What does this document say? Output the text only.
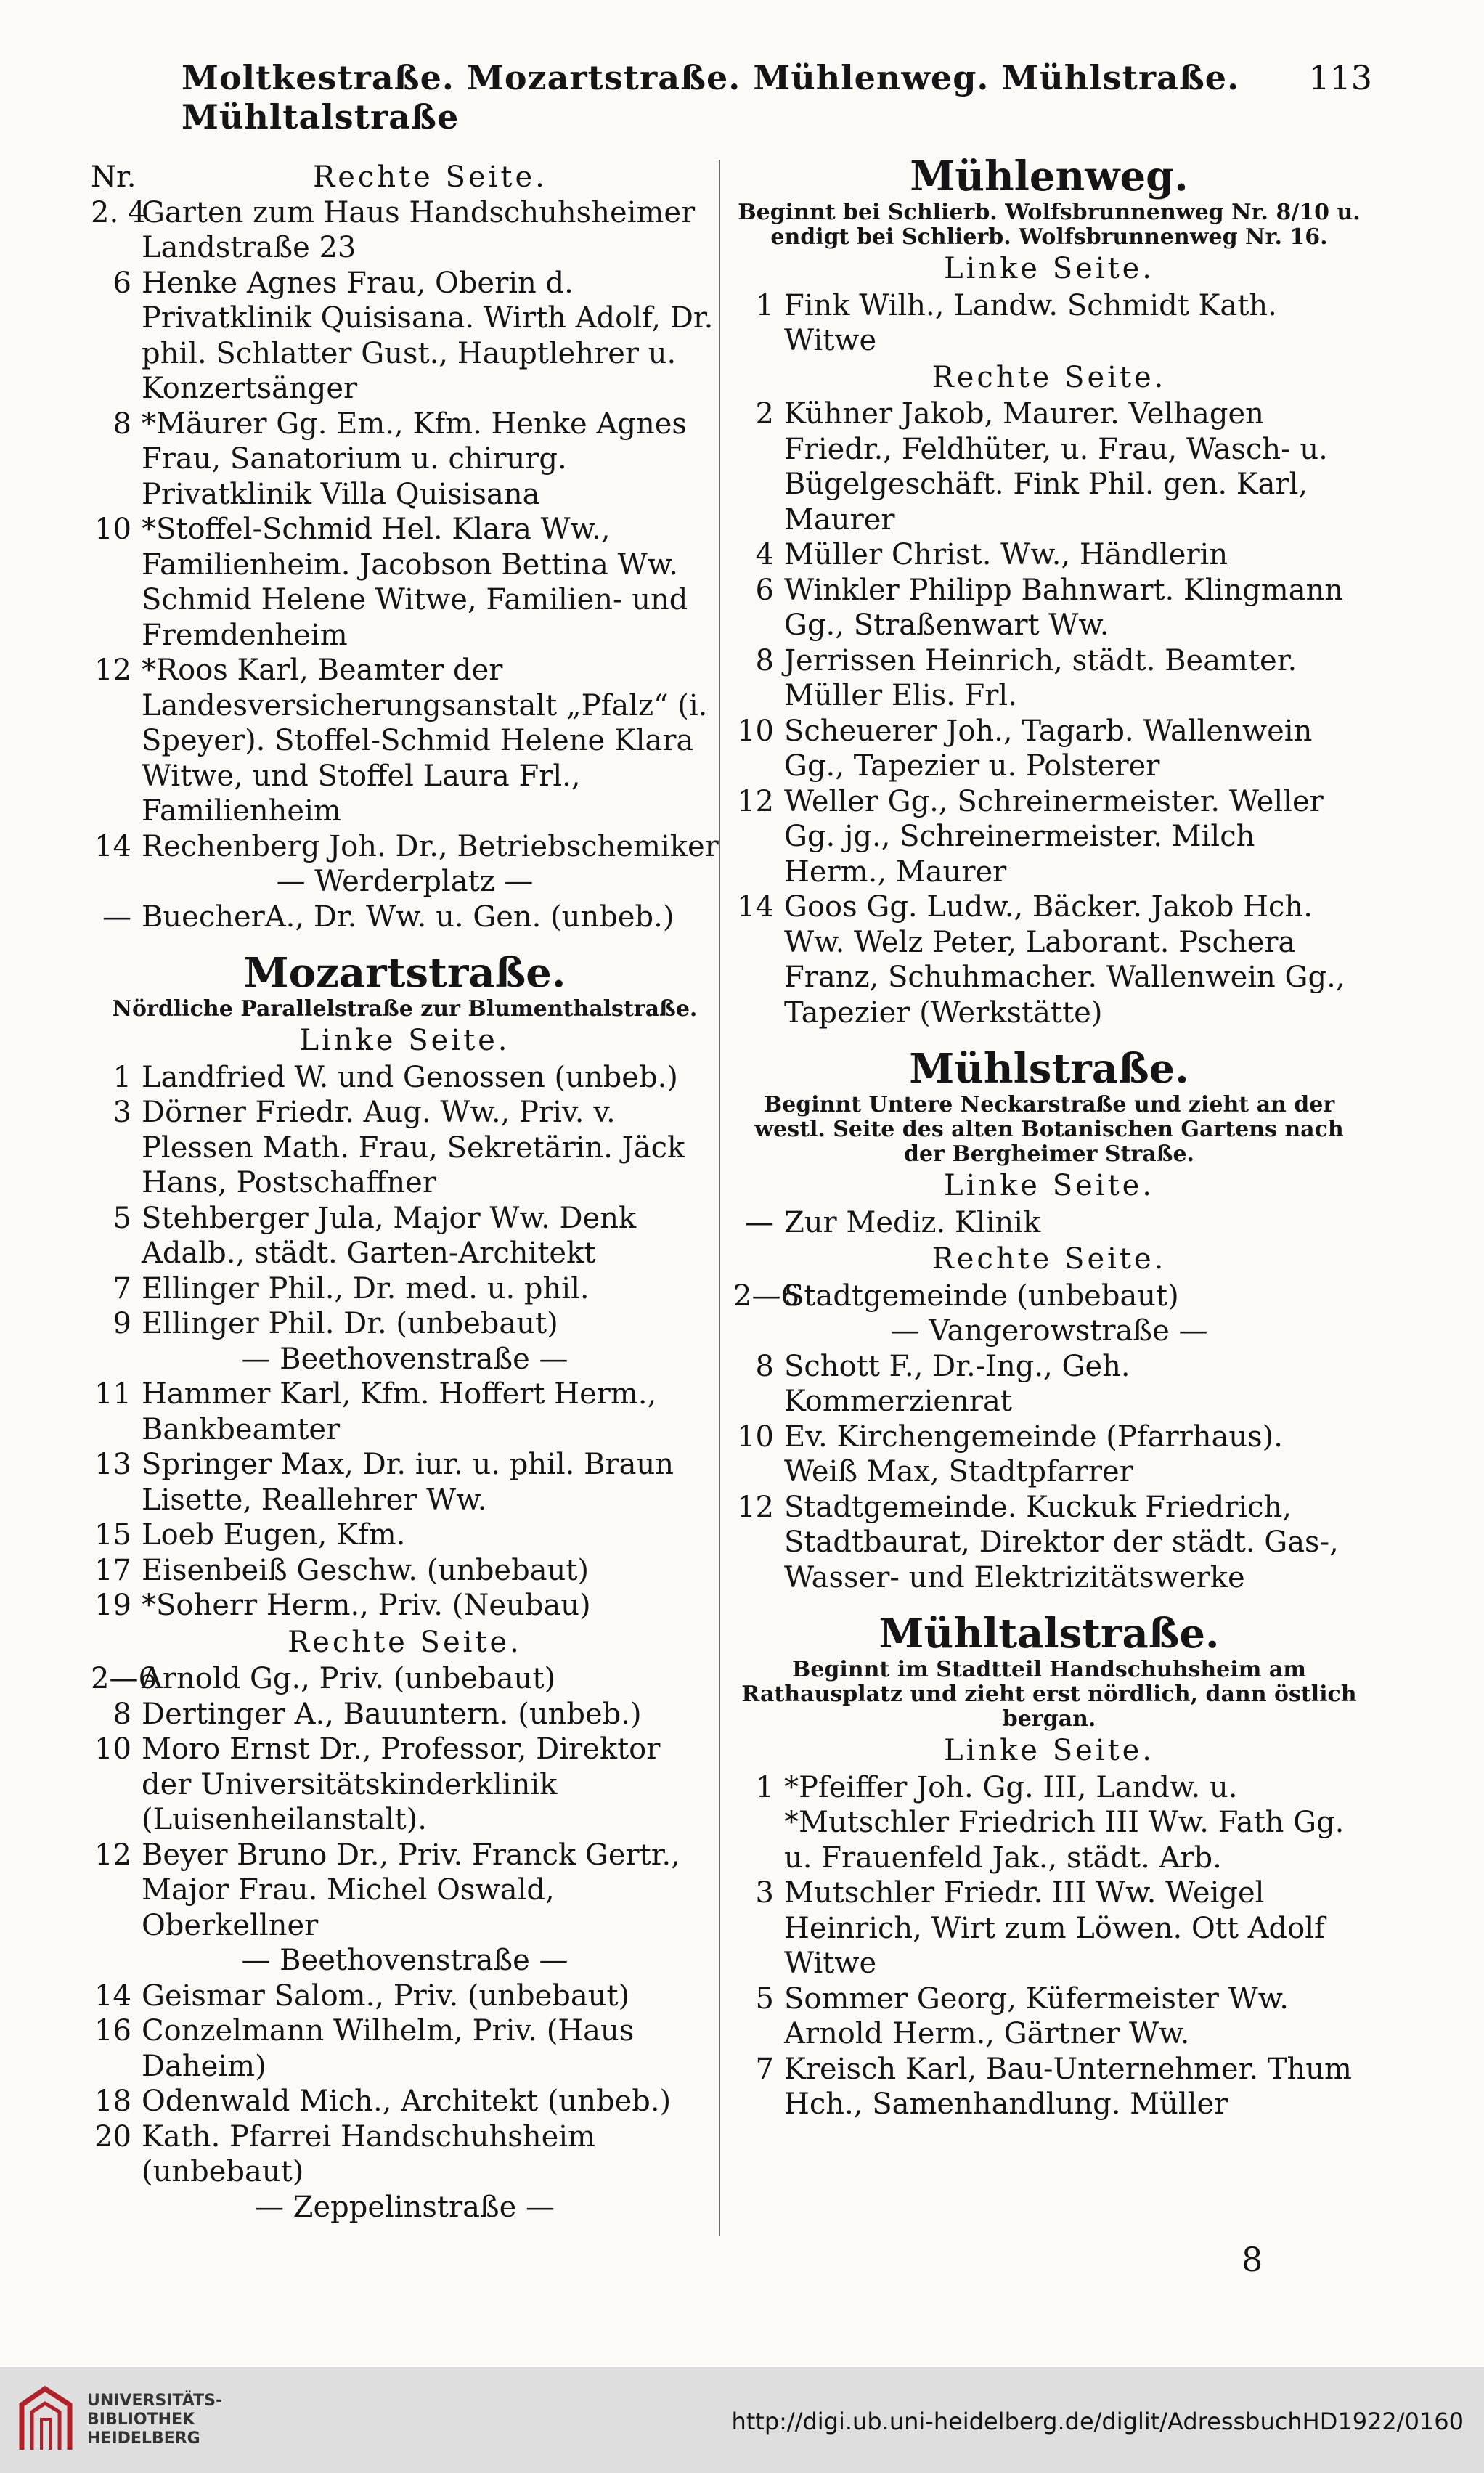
Moltkestraße. Mozartstraße. Mühlenweg. Mühlstraße. Mühltalstraße
113
Nr.	Rechte Seite.
2. 4
Garten zum Haus Handschuhsheimer Landstraße 23
6 Henke Agnes Frau, Oberin d. Privatklinik Quisisana. Wirth Adolf, Dr. phil. Schlatter Gust., Hauptlehrer u. Konzertsänger
8 *Mäurer Gg. Em., Kfm. Henke Agnes Frau, Sanatorium u. chirurg. Privatklinik Villa Quisisana
10 *Stoffel-Schmid Hel. Klara Ww., Familienheim. Jacobson Bettina Ww. Schmid Helene Witwe, Familien- und Fremdenheim
12 *Roos Karl, Beamter der Landesversicherungsanstalt „Pfalz“ (i. Speyer). Stoffel-Schmid Helene Klara Witwe, und Stoffel Laura Frl., Familienheim
14 Rechenberg Joh. Dr., Betriebschemiker
— Werderplatz —
— BuecherA., Dr. Ww. u. Gen. (unbeb.)
Mozartstraße.
Nördliche Parallelstraße zur Blumenthalstraße.
Linke Seite.
1 Landfried W. und Genossen (unbeb.)
3 Dörner Friedr. Aug. Ww., Priv. v. Plessen Math. Frau, Sekretärin. Jäck Hans, Postschaffner
5 Stehberger Jula, Major Ww. Denk Adalb., städt. Garten-Architekt
7 Ellinger Phil., Dr. med. u. phil.
9 Ellinger Phil. Dr. (unbebaut)
— Beethovenstraße —
11 Hammer Karl, Kfm. Hoffert Herm., Bankbeamter
13 Springer Max, Dr. iur. u. phil. Braun Lisette, Reallehrer Ww.
15 Loeb Eugen, Kfm.
17 Eisenbeiß Geschw. (unbebaut)
19 *Soherr Herm., Priv. (Neubau)
Rechte Seite.
2—6
Arnold Gg., Priv. (unbebaut)
8 Dertinger A., Bauuntern. (unbeb.)
10 Moro Ernst Dr., Professor, Direktor der Universitätskinderklinik (Luisenheilanstalt).
12 Beyer Bruno Dr., Priv. Franck Gertr., Major Frau. Michel Oswald, Oberkellner
— Beethovenstraße —
14 Geismar Salom., Priv. (unbebaut)
16 Conzelmann Wilhelm, Priv. (Haus Daheim)
18 Odenwald Mich., Architekt (unbeb.)
20 Kath. Pfarrei Handschuhsheim (unbebaut)
— Zeppelinstraße —
Mühlenweg.
Beginnt bei Schlierb. Wolfsbrunnenweg Nr. 8/10 u. endigt bei Schlierb. Wolfsbrunnenweg Nr. 16.
Linke Seite.
1 Fink Wilh., Landw. Schmidt Kath. Witwe
Rechte Seite.
2 Kühner Jakob, Maurer. Velhagen Friedr., Feldhüter, u. Frau, Wasch- u. Bügelgeschäft. Fink Phil. gen. Karl, Maurer
4 Müller Christ. Ww., Händlerin
6 Winkler Philipp Bahnwart. Klingmann Gg., Straßenwart Ww.
8 Jerrissen Heinrich, städt. Beamter. Müller Elis. Frl.
10 Scheuerer Joh., Tagarb. Wallenwein Gg., Tapezier u. Polsterer
12 Weller Gg., Schreinermeister. Weller Gg. jg., Schreinermeister. Milch Herm., Maurer
14 Goos Gg. Ludw., Bäcker. Jakob Hch. Ww. Welz Peter, Laborant. Pschera Franz, Schuhmacher. Wallenwein Gg., Tapezier (Werkstätte)
Mühlstraße.
Beginnt Untere Neckarstraße und zieht an der westl. Seite des alten Botanischen Gartens nach der Bergheimer Straße.
Linke Seite.
— Zur Mediz. Klinik
Rechte Seite.
2—6
Stadtgemeinde (unbebaut)
— Vangerowstraße —
8 Schott F., Dr.-Ing., Geh. Kommerzienrat
10 Ev. Kirchengemeinde (Pfarrhaus). Weiß Max, Stadtpfarrer
12 Stadtgemeinde. Kuckuk Friedrich, Stadtbaurat, Direktor der städt. Gas-, Wasser- und Elektrizitätswerke
Mühltalstraße.
Beginnt im Stadtteil Handschuhsheim am Rathausplatz und zieht erst nördlich, dann östlich bergan.
Linke Seite.
1 *Pfeiffer Joh. Gg. III, Landw. u. *Mutschler Friedrich III Ww. Fath Gg. u. Frauenfeld Jak., städt. Arb.
3 Mutschler Friedr. III Ww. Weigel Heinrich, Wirt zum Löwen. Ott Adolf Witwe
5 Sommer Georg, Küfermeister Ww. Arnold Herm., Gärtner Ww.
7 Kreisch Karl, Bau-Unternehmer. Thum Hch., Samenhandlung. Müller
8
UNIVERSITÄTS-
BIBLIOTHEK
HEIDELBERG
http://digi.ub.uni-heidelberg.de/diglit/AdressbuchHD1922/0160
